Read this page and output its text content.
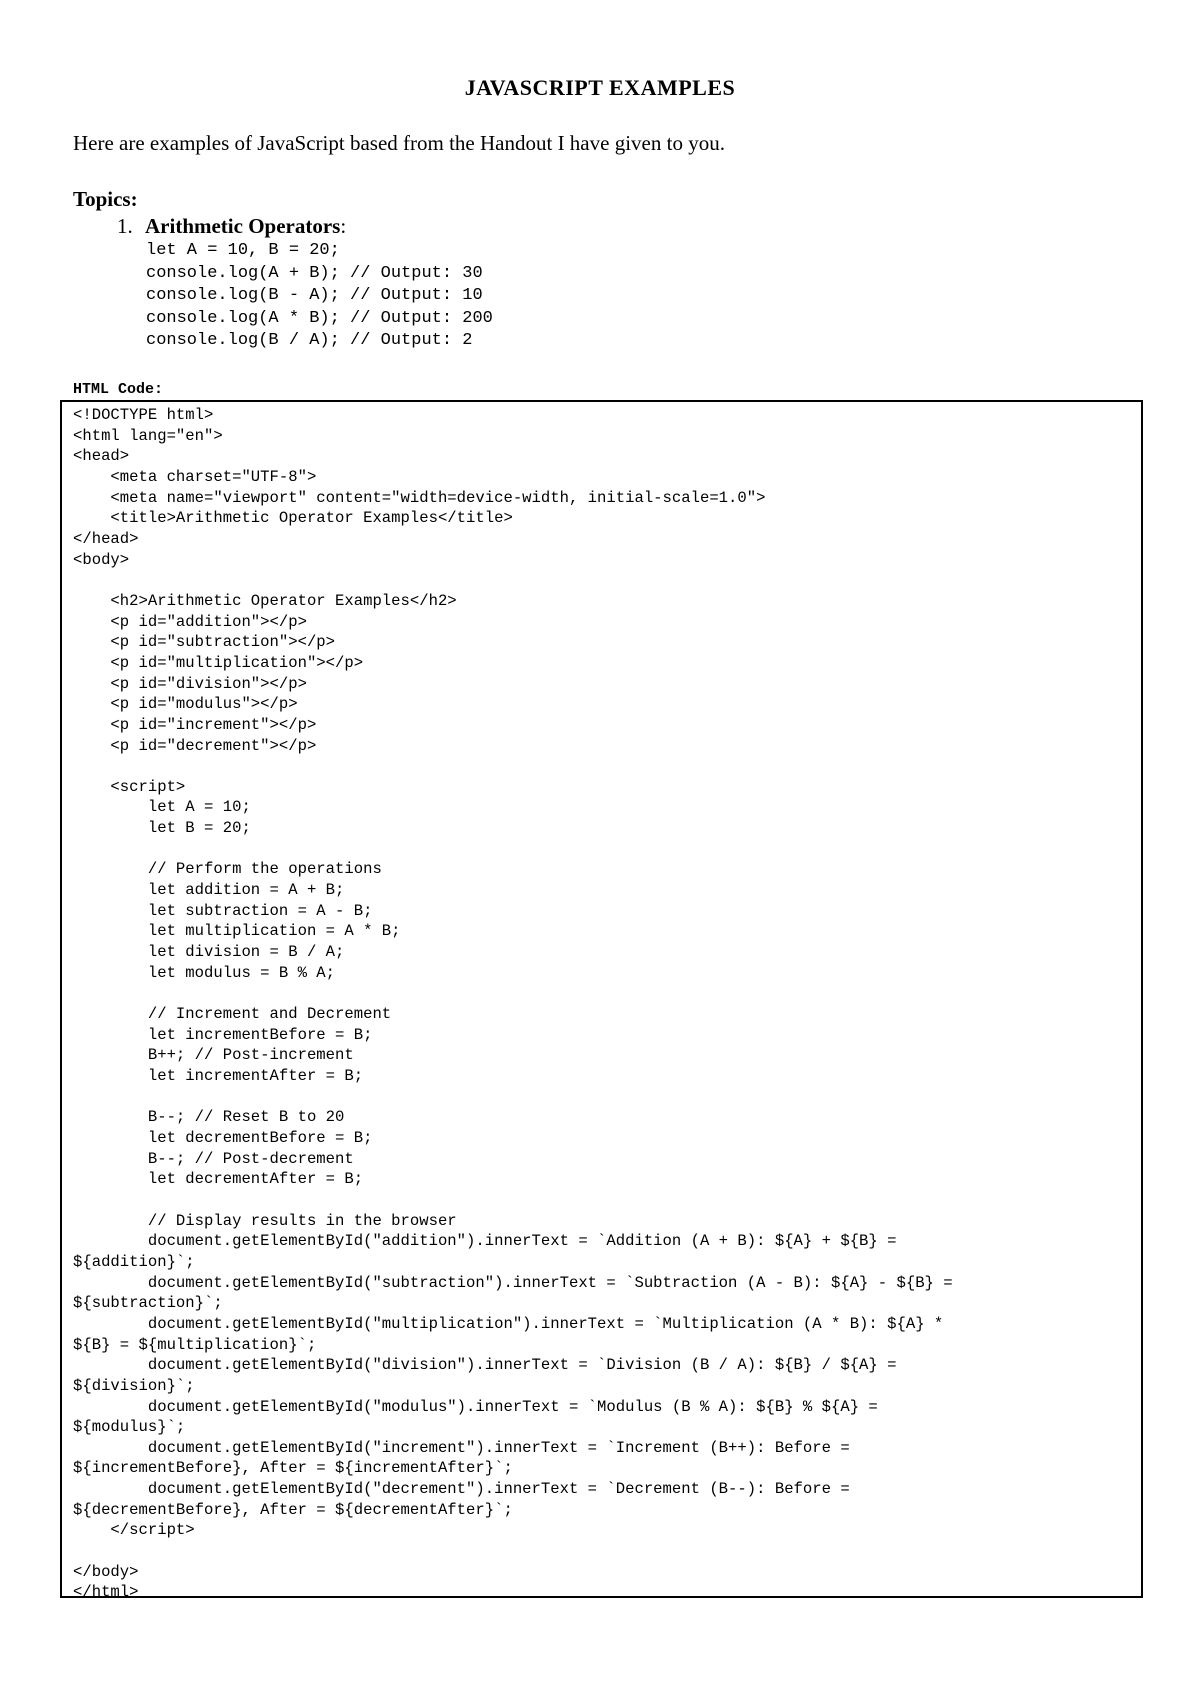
JAVASCRIPT EXAMPLES
Here are examples of JavaScript based from the Handout I have given to you.
Topics:
1. Arithmetic Operators:
let A = 10, B = 20;
console.log(A + B); // Output: 30
console.log(B - A); // Output: 10
console.log(A * B); // Output: 200
console.log(B / A); // Output: 2
HTML Code:
<!DOCTYPE html>
<html lang="en">
<head>
<meta charset="UTF-8">
<meta name="viewport" content="width=device-width, initial-scale=1.0">
<title>Arithmetic Operator Examples</title>
</head>
<body>

<h2>Arithmetic Operator Examples</h2>
<p id="addition"></p>
<p id="subtraction"></p>
<p id="multiplication"></p>
<p id="division"></p>
<p id="modulus"></p>
<p id="increment"></p>
<p id="decrement"></p>

<script>
let A = 10;
let B = 20;

// Perform the operations
let addition = A + B;
let subtraction = A - B;
let multiplication = A * B;
let division = B / A;
let modulus = B % A;

// Increment and Decrement
let incrementBefore = B;
B++; // Post-increment
let incrementAfter = B;

B--; // Reset B to 20
let decrementBefore = B;
B--; // Post-decrement
let decrementAfter = B;

// Display results in the browser
document.getElementById("addition").innerText = `Addition (A + B): ${A} + ${B} =
${addition}`;
document.getElementById("subtraction").innerText = `Subtraction (A - B): ${A} - ${B} =
${subtraction}`;
document.getElementById("multiplication").innerText = `Multiplication (A * B): ${A} *
${B} = ${multiplication}`;
document.getElementById("division").innerText = `Division (B / A): ${B} / ${A} =
${division}`;
document.getElementById("modulus").innerText = `Modulus (B % A): ${B} % ${A} =
${modulus}`;
document.getElementById("increment").innerText = `Increment (B++): Before =
${incrementBefore}, After = ${incrementAfter}`;
document.getElementById("decrement").innerText = `Decrement (B--): Before =
${decrementBefore}, After = ${decrementAfter}`;
</script>

</body>
</html>
